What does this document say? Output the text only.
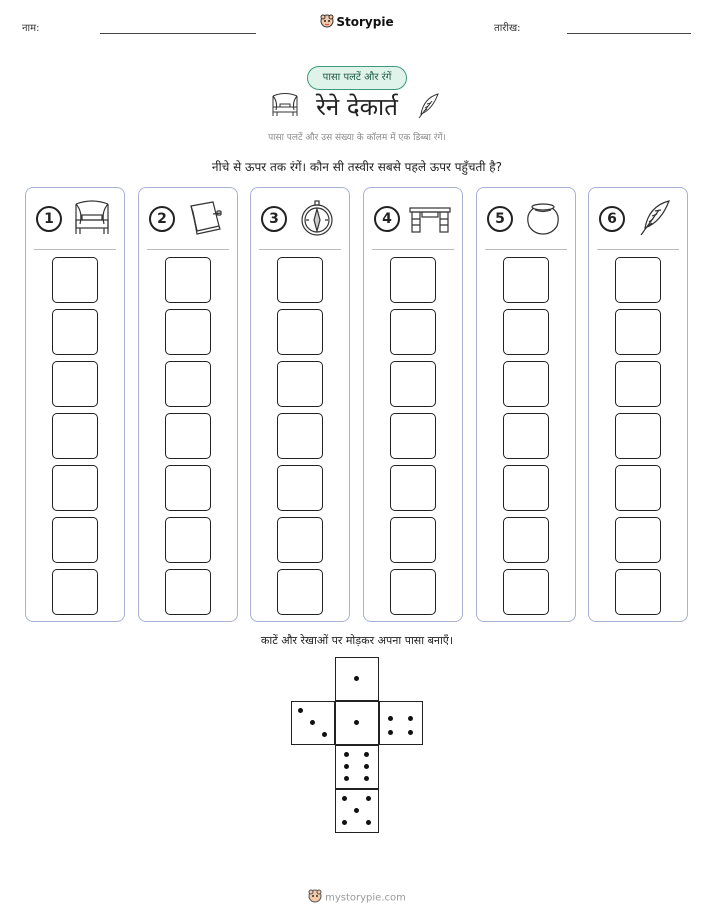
नाम:	Storypie	तारीख:
पासा पलटें और रंगें
रेने देकार्त
पासा पलटें और उस संख्या के कॉलम में एक डिब्बा रंगें।
नीचे से ऊपर तक रंगें। कौन सी तस्वीर सबसे पहले ऊपर पहुँचती है?
1	2	3	4	5	6
काटें और रेखाओं पर मोड़कर अपना पासा बनाएँ।
mystorypie.com
